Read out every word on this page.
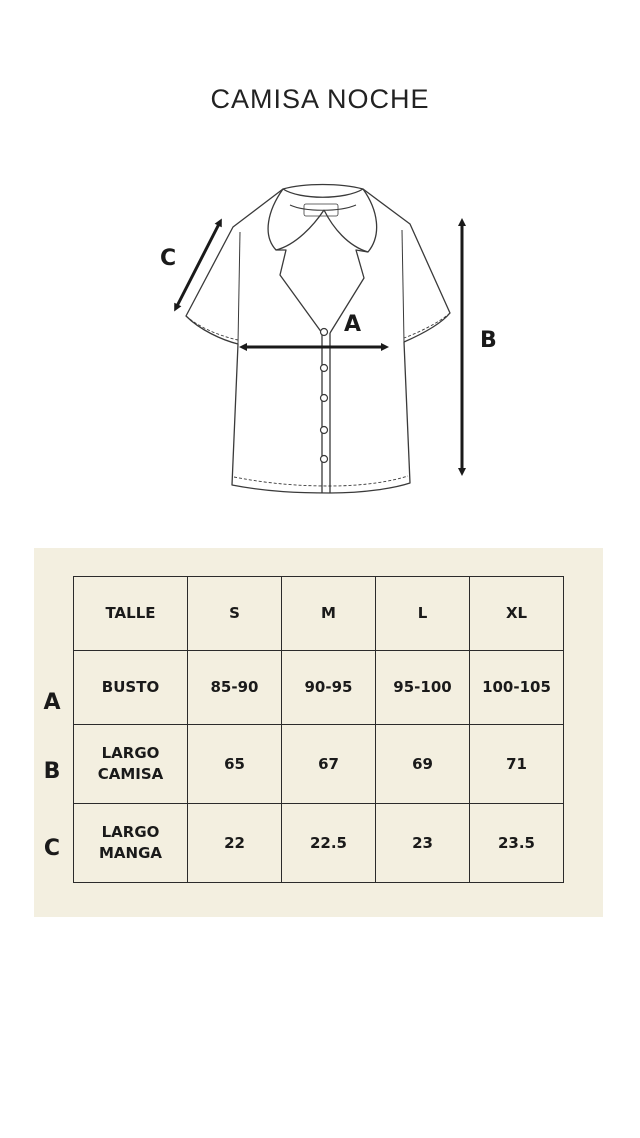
CAMISA NOCHE
A
B
C
A
B
C
TALLE	S	M	L	XL
BUSTO	85-90	90-95	95-100	100-105
LARGO
CAMISA	65	67	69	71
LARGO
MANGA	22	22.5	23	23.5
